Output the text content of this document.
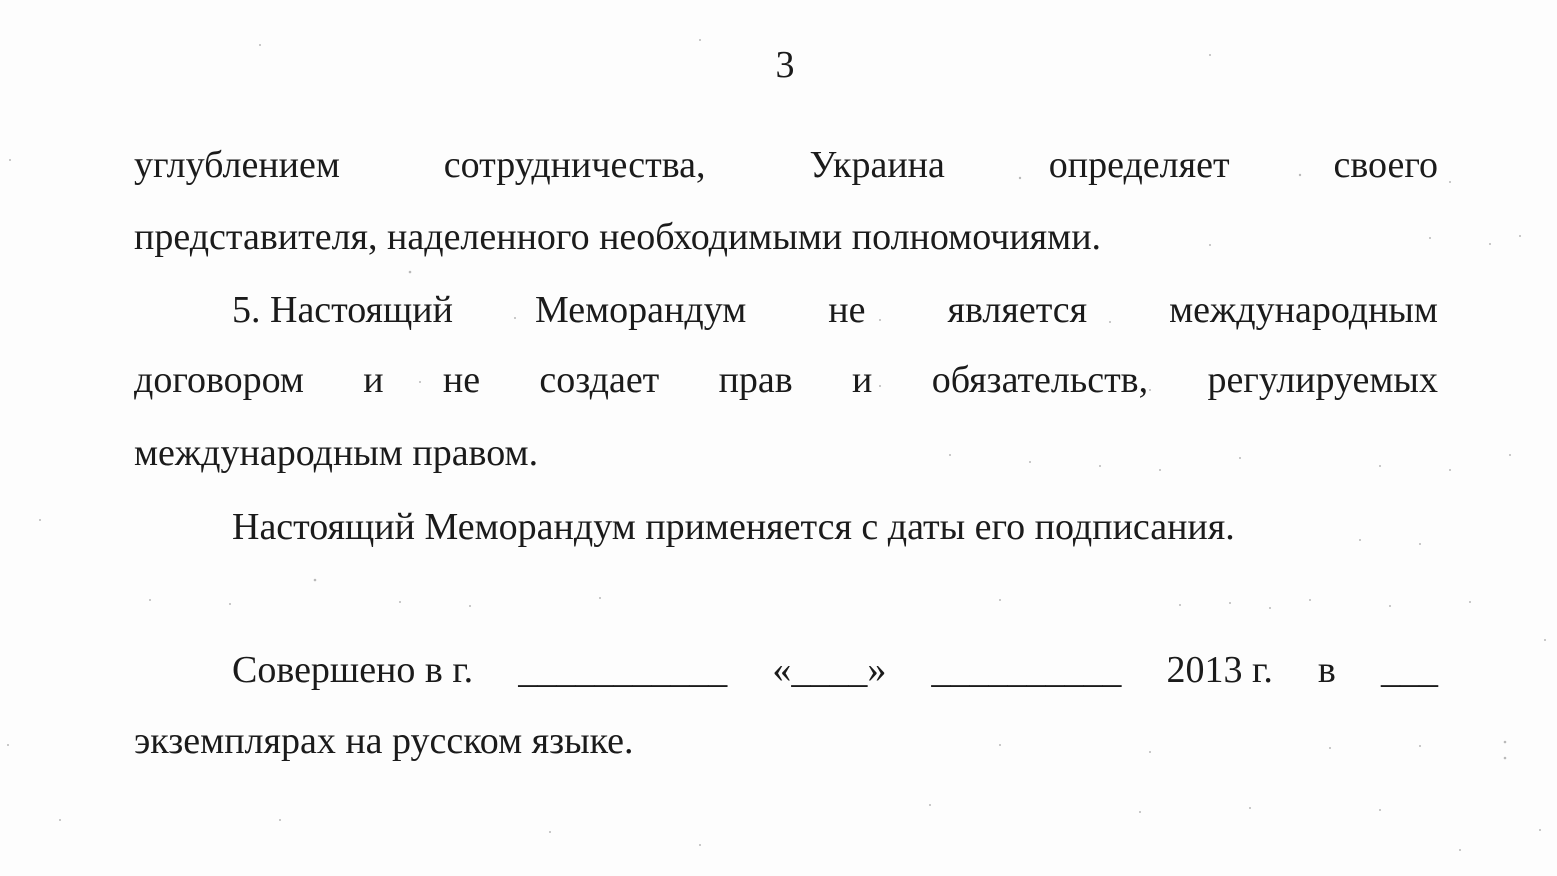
3
углублением	сотрудничества,	Украина	определяет	своего
представителя, наделенного необходимыми полномочиями.
5. Настоящий Меморандум не является международным
договором и не создает прав и обязательств, регулируемых
международным правом.
Настоящий Меморандум применяется с даты его подписания.
Совершено в г. ___________ «____» __________ 2013 г. в ___
экземплярах на русском языке.
